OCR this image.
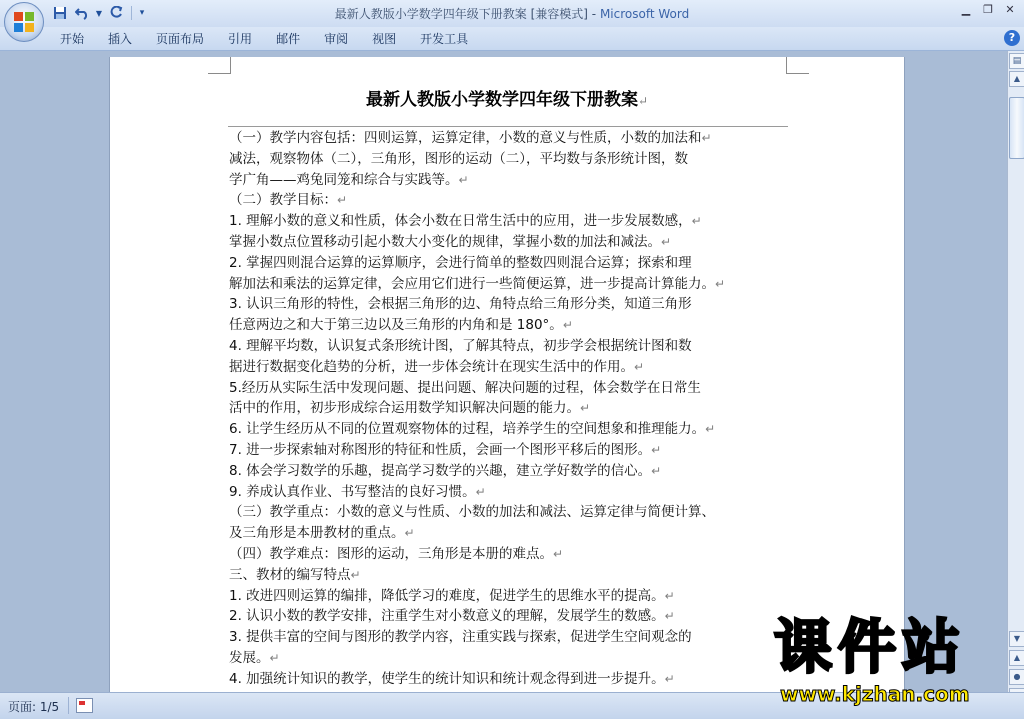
▼	▾	最新人教版小学数学四年级下册教案 [兼容模式] - Microsoft Word	▁	❐	✕
开始	插入	页面布局	引用	邮件	审阅	视图	开发工具	?
最新人教版小学数学四年级下册教案↵
（一）教学内容包括：四则运算，运算定律，小数的意义与性质，小数的加法和↵
减法，观察物体（二），三角形，图形的运动（二），平均数与条形统计图，数
学广角——鸡兔同笼和综合与实践等。↵
（二）教学目标：↵
1. 理解小数的意义和性质，体会小数在日常生活中的应用，进一步发展数感，↵
掌握小数点位置移动引起小数大小变化的规律，掌握小数的加法和减法。↵
2. 掌握四则混合运算的运算顺序，会进行简单的整数四则混合运算；探索和理
解加法和乘法的运算定律，会应用它们进行一些简便运算，进一步提高计算能力。↵
3. 认识三角形的特性，会根据三角形的边、角特点给三角形分类，知道三角形
任意两边之和大于第三边以及三角形的内角和是 180°。↵
4. 理解平均数，认识复式条形统计图，了解其特点，初步学会根据统计图和数
据进行数据变化趋势的分析，进一步体会统计在现实生活中的作用。↵
5.经历从实际生活中发现问题、提出问题、解决问题的过程，体会数学在日常生
活中的作用，初步形成综合运用数学知识解决问题的能力。↵
6. 让学生经历从不同的位置观察物体的过程，培养学生的空间想象和推理能力。↵
7. 进一步探索轴对称图形的特征和性质，会画一个图形平移后的图形。↵
8. 体会学习数学的乐趣，提高学习数学的兴趣，建立学好数学的信心。↵
9. 养成认真作业、书写整洁的良好习惯。↵
（三）教学重点：小数的意义与性质、小数的加法和减法、运算定律与简便计算、
及三角形是本册教材的重点。↵
（四）教学难点：图形的运动，三角形是本册的难点。↵
三、教材的编写特点↵
1. 改进四则运算的编排，降低学习的难度，促进学生的思维水平的提高。↵
2. 认识小数的教学安排，注重学生对小数意义的理解，发展学生的数感。↵
3. 提供丰富的空间与图形的教学内容，注重实践与探索，促进学生空间观念的
发展。↵
4. 加强统计知识的教学，使学生的统计知识和统计观念得到进一步提升。↵
▤
▲
▼
▲
●
页面: 1/5
课件站
www.kjzhan.com
